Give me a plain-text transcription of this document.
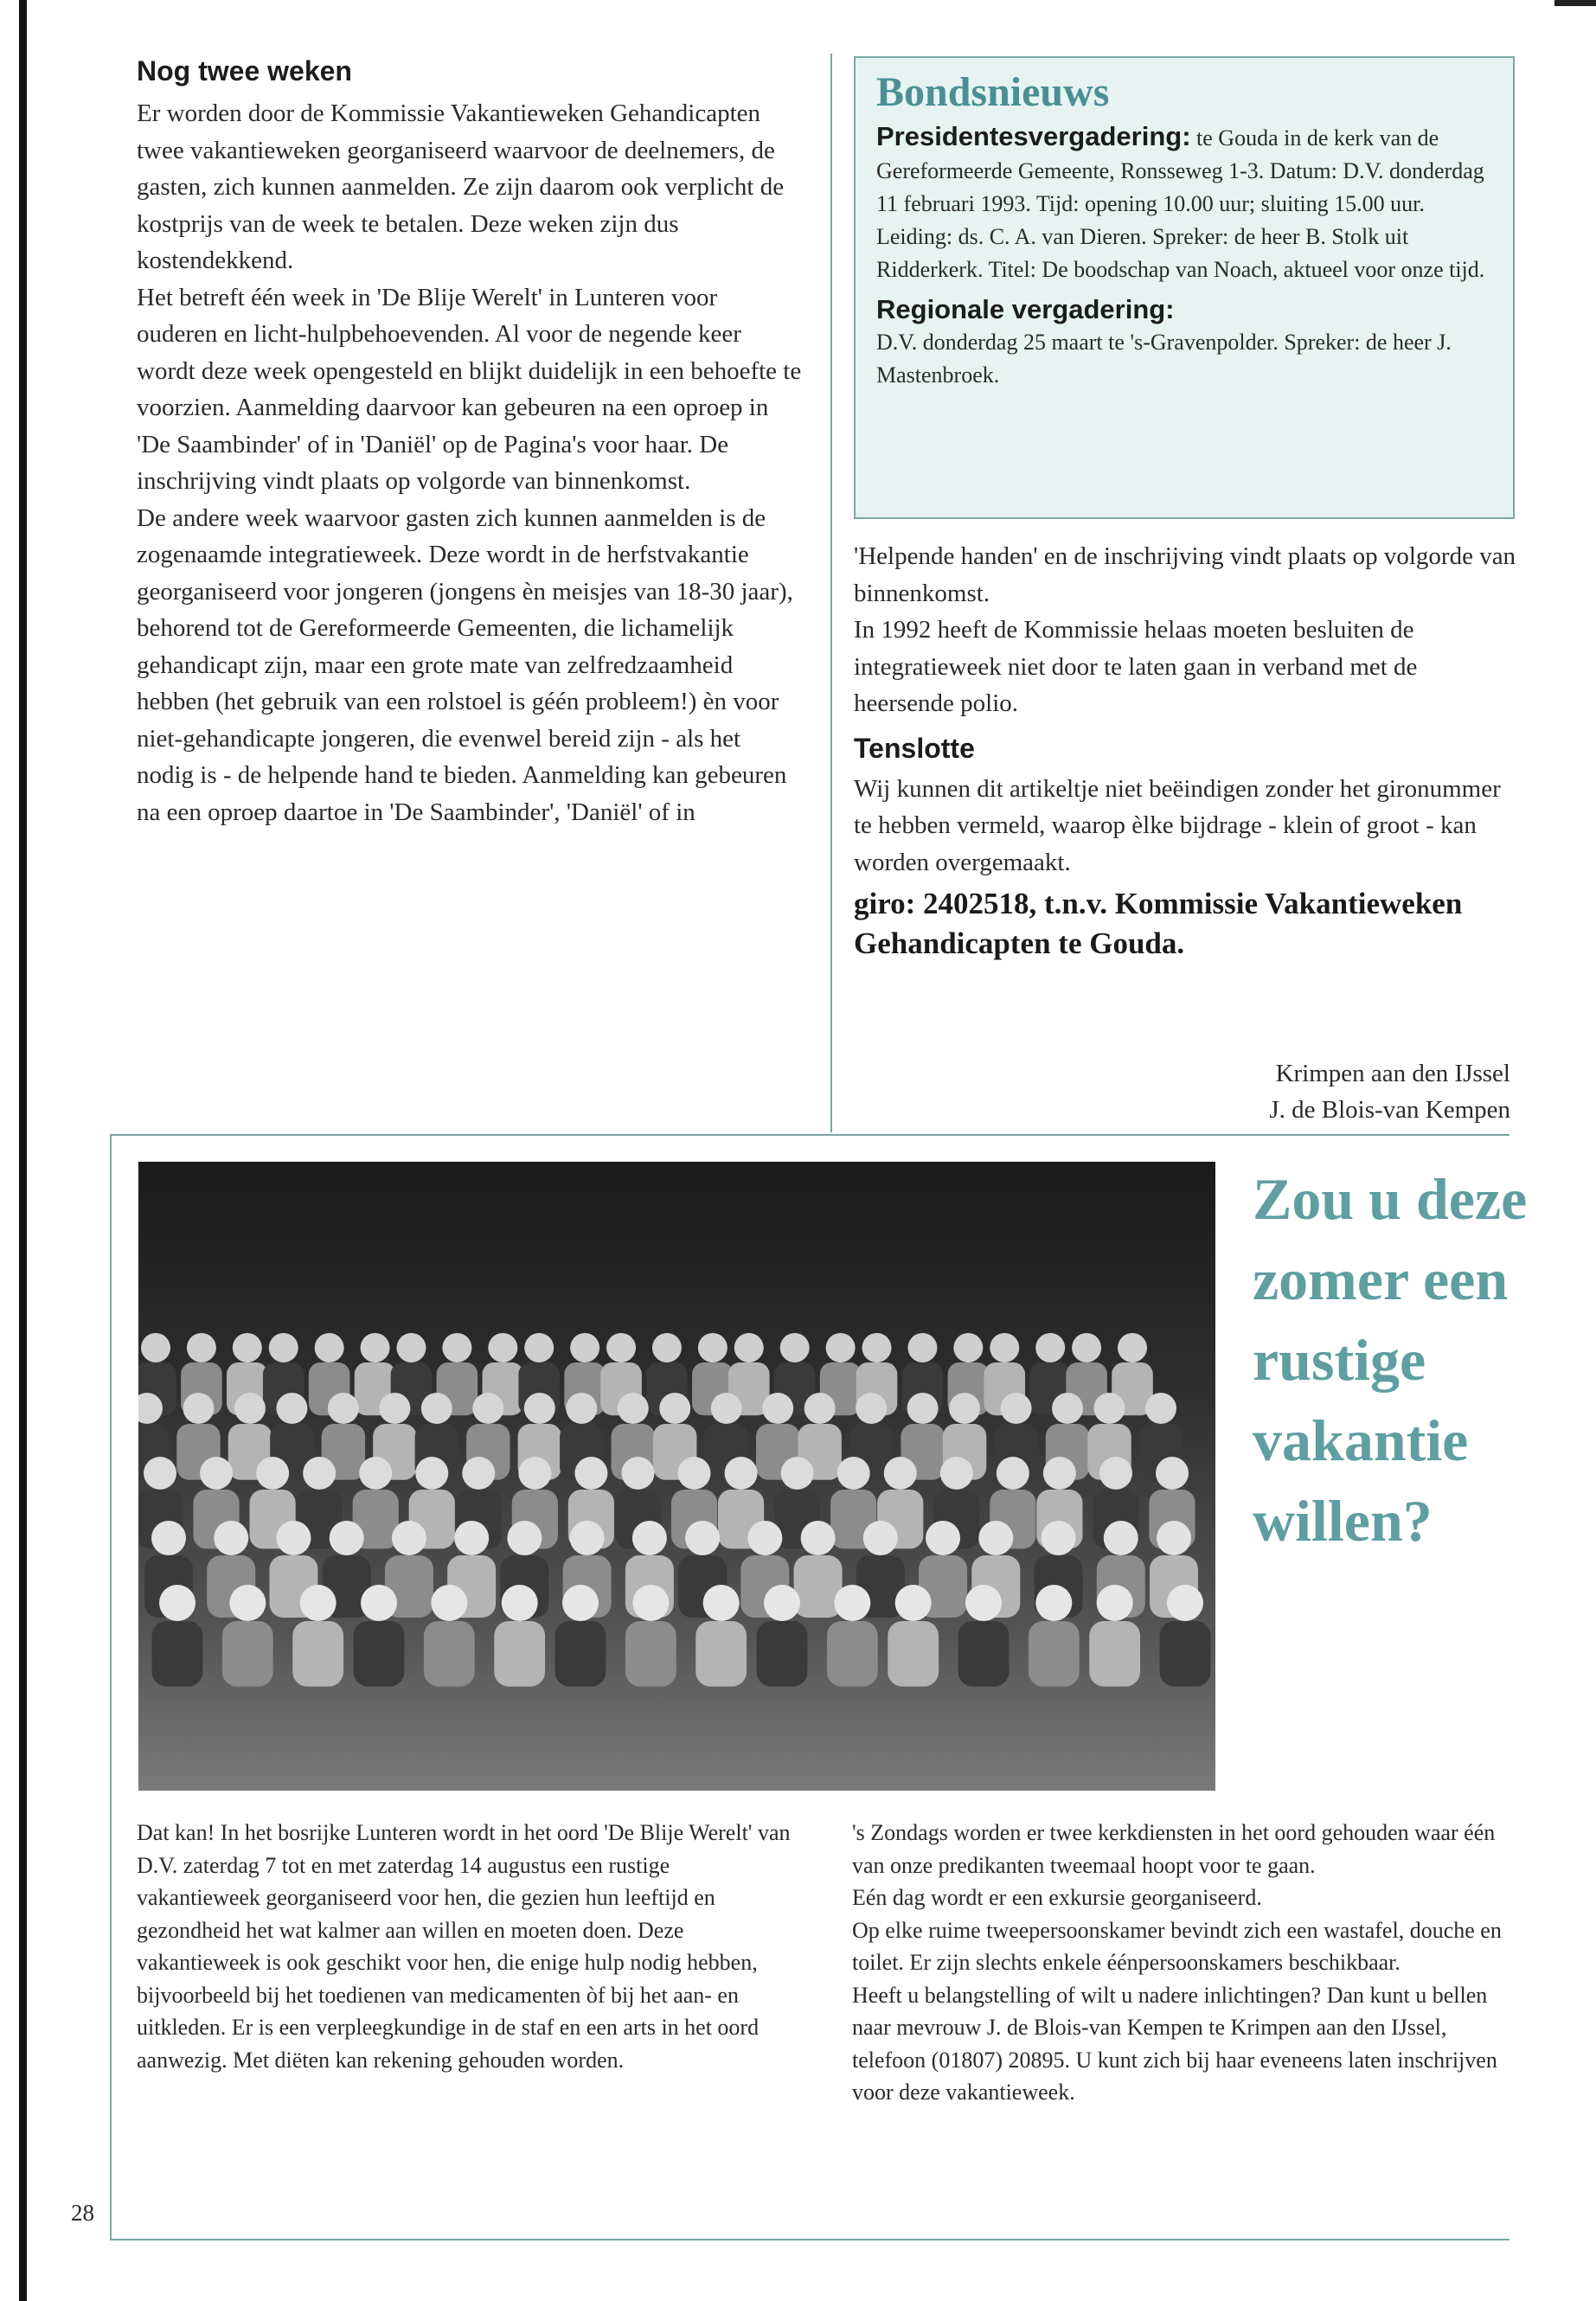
Nog twee weken

Er worden door de Kommissie Vakantieweken Gehandicapten twee vakantieweken georganiseerd waarvoor de deelnemers, de gasten, zich kunnen aanmelden. Ze zijn daarom ook verplicht de kostprijs van de week te betalen. Deze weken zijn dus kostendekkend.

Het betreft één week in 'De Blije Werelt' in Lunteren voor ouderen en licht-hulpbehoevenden. Al voor de negende keer wordt deze week opengesteld en blijkt duidelijk in een behoefte te voorzien. Aanmelding daarvoor kan gebeuren na een oproep in 'De Saambinder' of in 'Daniël' op de Pagina's voor haar. De inschrijving vindt plaats op volgorde van binnenkomst.

De andere week waarvoor gasten zich kunnen aanmelden is de zogenaamde integratieweek. Deze wordt in de herfstvakantie georganiseerd voor jongeren (jongens èn meisjes van 18-30 jaar), behorend tot de Gereformeerde Gemeenten, die lichamelijk gehandicapt zijn, maar een grote mate van zelfredzaamheid hebben (het gebruik van een rolstoel is géén probleem!) èn voor niet-gehandicapte jongeren, die evenwel bereid zijn - als het nodig is - de helpende hand te bieden. Aanmelding kan gebeuren na een oproep daartoe in 'De Saambinder', 'Daniël' of in

Bondsnieuws

Presidentesvergadering: te Gouda in de kerk van de Gereformeerde Gemeente, Ronsseweg 1-3. Datum: D.V. donderdag 11 februari 1993. Tijd: opening 10.00 uur; sluiting 15.00 uur. Leiding: ds. C. A. van Dieren. Spreker: de heer B. Stolk uit Ridderkerk. Titel: De boodschap van Noach, aktueel voor onze tijd.

Regionale vergadering:

D.V. donderdag 25 maart te 's-Gravenpolder. Spreker: de heer J. Mastenbroek.

'Helpende handen' en de inschrijving vindt plaats op volgorde van binnenkomst.

In 1992 heeft de Kommissie helaas moeten besluiten de integratieweek niet door te laten gaan in verband met de heersende polio.

Tenslotte

Wij kunnen dit artikeltje niet beëindigen zonder het gironummer te hebben vermeld, waarop èlke bijdrage - klein of groot - kan worden overgemaakt.

giro: 2402518, t.n.v. Kommissie Vakantieweken Gehandicapten te Gouda.
Krimpen aan den IJssel
J. de Blois-van Kempen
Zou u deze zomer een rustige vakantie willen?

Dat kan! In het bosrijke Lunteren wordt in het oord 'De Blije Werelt' van D.V. zaterdag 7 tot en met zaterdag 14 augustus een rustige vakantieweek georganiseerd voor hen, die gezien hun leeftijd en gezondheid het wat kalmer aan willen en moeten doen. Deze vakantieweek is ook geschikt voor hen, die enige hulp nodig hebben, bijvoorbeeld bij het toedienen van medicamenten òf bij het aan- en uitkleden. Er is een verpleegkundige in de staf en een arts in het oord aanwezig. Met diëten kan rekening gehouden worden.

's Zondags worden er twee kerkdiensten in het oord gehouden waar één van onze predikanten tweemaal hoopt voor te gaan.

Eén dag wordt er een exkursie georganiseerd.

Op elke ruime tweepersoonskamer bevindt zich een wastafel, douche en toilet. Er zijn slechts enkele éénpersoonskamers beschikbaar.

Heeft u belangstelling of wilt u nadere inlichtingen? Dan kunt u bellen naar mevrouw J. de Blois-van Kempen te Krimpen aan den IJssel, telefoon (01807) 20895. U kunt zich bij haar eveneens laten inschrijven voor deze vakantieweek.

28
